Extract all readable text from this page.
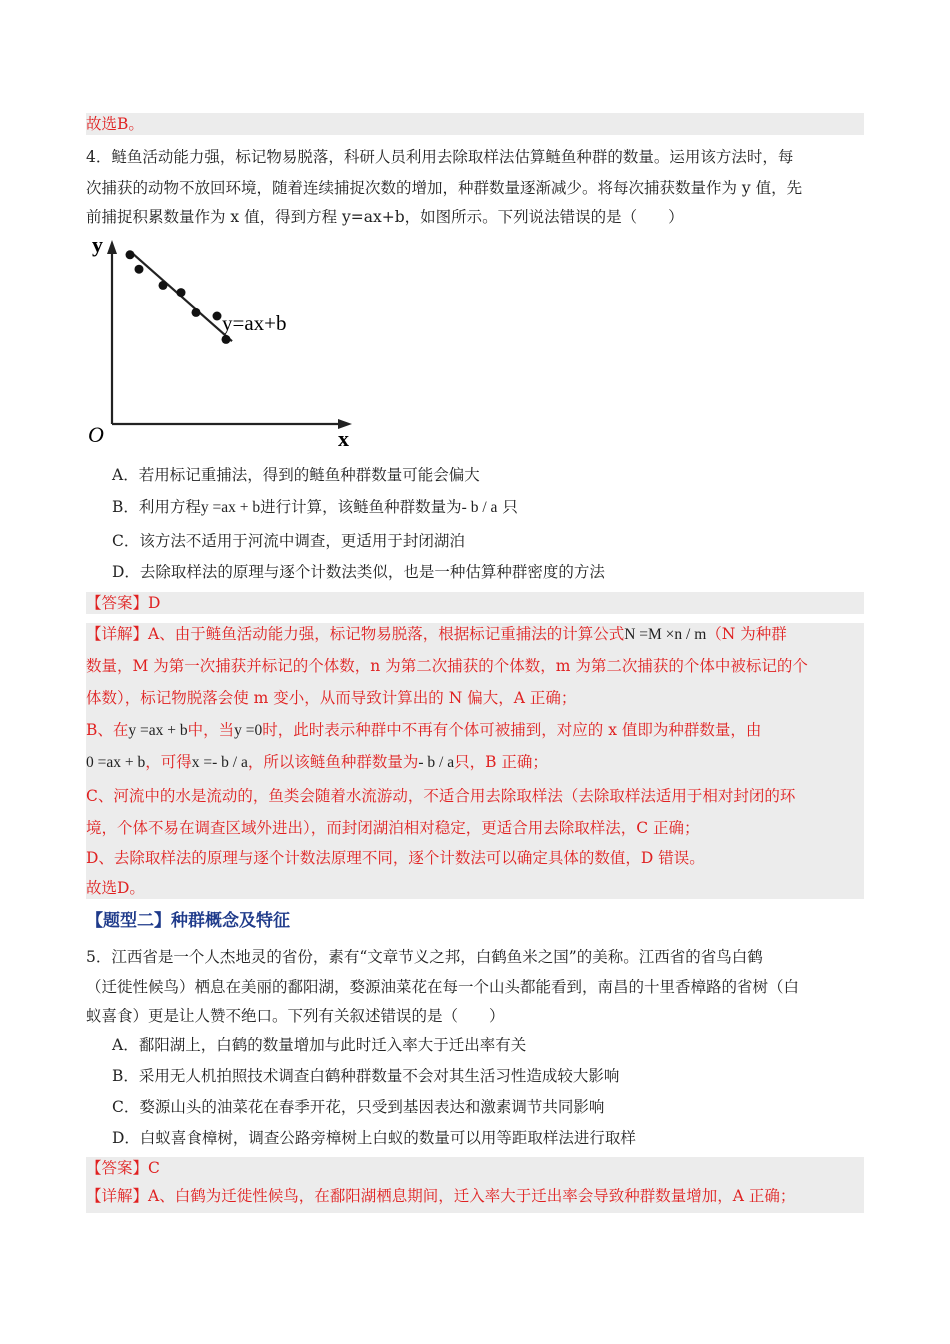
故选B。
4．鲢鱼活动能力强，标记物易脱落，科研人员利用去除取样法估算鲢鱼种群的数量。运用该方法时，每
次捕获的动物不放回环境，随着连续捕捉次数的增加，种群数量逐渐减少。将每次捕获数量作为 y 值，先
前捕捉积累数量作为 x 值，得到方程 y=ax+b，如图所示。下列说法错误的是（　　）
y
x
O
y=ax+b
A．若用标记重捕法，得到的鲢鱼种群数量可能会偏大
B．利用方程y =ax + b进行计算，该鲢鱼种群数量为- b / a 只
C．该方法不适用于河流中调查，更适用于封闭湖泊
D．去除取样法的原理与逐个计数法类似，也是一种估算种群密度的方法
【答案】D
【详解】A、由于鲢鱼活动能力强，标记物易脱落，根据标记重捕法的计算公式N =M ×n / m（N 为种群
数量，M 为第一次捕获并标记的个体数，n 为第二次捕获的个体数，m 为第二次捕获的个体中被标记的个
体数），标记物脱落会使 m 变小，从而导致计算出的 N 偏大，A 正确；
B、在y =ax + b中，当y =0时，此时表示种群中不再有个体可被捕到，对应的 x 值即为种群数量，由
0 =ax + b，可得x =- b / a，所以该鲢鱼种群数量为- b / a只，B 正确；
C、河流中的水是流动的，鱼类会随着水流游动，不适合用去除取样法（去除取样法适用于相对封闭的环
境，个体不易在调查区域外进出），而封闭湖泊相对稳定，更适合用去除取样法，C 正确；
D、去除取样法的原理与逐个计数法原理不同，逐个计数法可以确定具体的数值，D 错误。
故选D。
【题型二】种群概念及特征
5．江西省是一个人杰地灵的省份，素有“文章节义之邦，白鹤鱼米之国”的美称。江西省的省鸟白鹤
（迁徙性候鸟）栖息在美丽的鄱阳湖，婺源油菜花在每一个山头都能看到，南昌的十里香樟路的省树（白
蚁喜食）更是让人赞不绝口。下列有关叙述错误的是（　　）
A．鄱阳湖上，白鹤的数量增加与此时迁入率大于迁出率有关
B．采用无人机拍照技术调查白鹤种群数量不会对其生活习性造成较大影响
C．婺源山头的油菜花在春季开花，只受到基因表达和激素调节共同影响
D．白蚁喜食樟树，调查公路旁樟树上白蚁的数量可以用等距取样法进行取样
【答案】C
【详解】A、白鹤为迁徙性候鸟，在鄱阳湖栖息期间，迁入率大于迁出率会导致种群数量增加，A 正确；
